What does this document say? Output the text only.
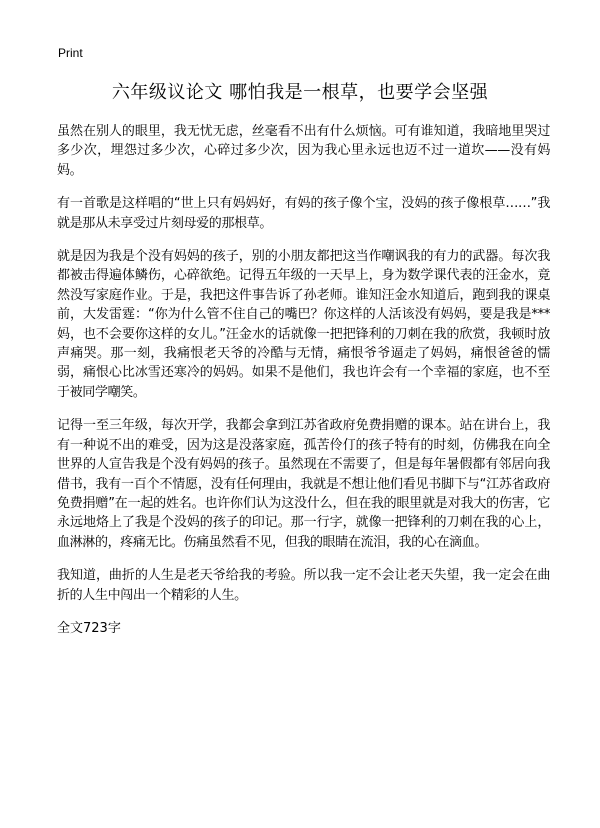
Print
六年级议论文 哪怕我是一根草，也要学会坚强

虽然在别人的眼里，我无忧无虑，丝毫看不出有什么烦恼。可有谁知道，我暗地里哭过多少次，埋怨过多少次，心碎过多少次，因为我心里永远也迈不过一道坎——没有妈妈。

有一首歌是这样唱的“世上只有妈妈好，有妈的孩子像个宝，没妈的孩子像根草……”我就是那从未享受过片刻母爱的那根草。

就是因为我是个没有妈妈的孩子，别的小朋友都把这当作嘲讽我的有力的武器。每次我都被击得遍体鳞伤，心碎欲绝。记得五年级的一天早上，身为数学课代表的汪金水，竟然没写家庭作业。于是，我把这件事告诉了孙老师。谁知汪金水知道后，跑到我的课桌前，大发雷霆：“你为什么管不住自己的嘴巴？你这样的人活该没有妈妈，要是我是***妈，也不会要你这样的女儿。”汪金水的话就像一把把锋利的刀刺在我的欣赏，我顿时放声痛哭。那一刻，我痛恨老天爷的冷酷与无情，痛恨爷爷逼走了妈妈，痛恨爸爸的懦弱，痛恨心比冰雪还寒冷的妈妈。如果不是他们，我也许会有一个幸福的家庭，也不至于被同学嘲笑。

记得一至三年级，每次开学，我都会拿到江苏省政府免费捐赠的课本。站在讲台上，我有一种说不出的难受，因为这是没落家庭，孤苦伶仃的孩子特有的时刻，仿佛我在向全世界的人宣告我是个没有妈妈的孩子。虽然现在不需要了，但是每年暑假都有邻居向我借书，我有一百个不情愿，没有任何理由，我就是不想让他们看见书脚下与“江苏省政府免费捐赠”在一起的姓名。也许你们认为这没什么，但在我的眼里就是对我大的伤害，它永远地烙上了我是个没妈的孩子的印记。那一行字，就像一把锋利的刀刺在我的心上，血淋淋的，疼痛无比。伤痛虽然看不见，但我的眼睛在流泪，我的心在滴血。

我知道，曲折的人生是老天爷给我的考验。所以我一定不会让老天失望，我一定会在曲折的人生中闯出一个精彩的人生。

全文723字
